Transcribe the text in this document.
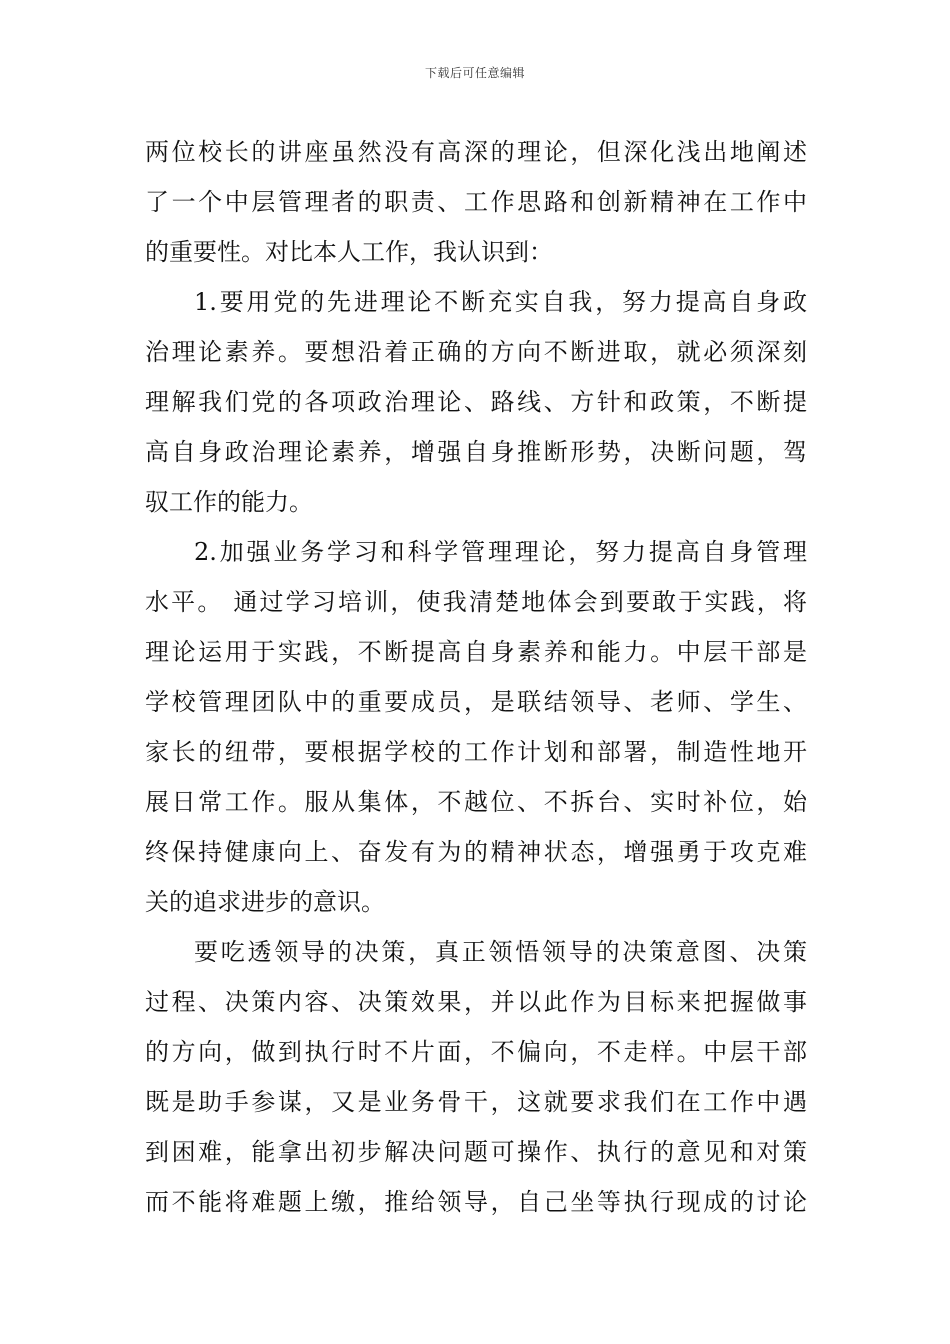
下载后可任意编辑
两位校长的讲座虽然没有高深的理论，但深化浅出地阐述
了一个中层管理者的职责、工作思路和创新精神在工作中
的重要性。对比本人工作，我认识到：
1.要用党的先进理论不断充实自我，努力提高自身政
治理论素养。要想沿着正确的方向不断进取，就必须深刻
理解我们党的各项政治理论、路线、方针和政策，不断提
高自身政治理论素养，增强自身推断形势，决断问题，驾
驭工作的能力。
2.加强业务学习和科学管理理论，努力提高自身管理
水平。 通过学习培训，使我清楚地体会到要敢于实践，将
理论运用于实践，不断提高自身素养和能力。中层干部是
学校管理团队中的重要成员，是联结领导、老师、学生、
家长的纽带，要根据学校的工作计划和部署，制造性地开
展日常工作。服从集体，不越位、不拆台、实时补位，始
终保持健康向上、奋发有为的精神状态，增强勇于攻克难
关的追求进步的意识。
要吃透领导的决策，真正领悟领导的决策意图、决策
过程、决策内容、决策效果，并以此作为目标来把握做事
的方向，做到执行时不片面，不偏向，不走样。中层干部
既是助手参谋，又是业务骨干，这就要求我们在工作中遇
到困难，能拿出初步解决问题可操作、执行的意见和对策
而不能将难题上缴，推给领导，自己坐等执行现成的讨论
